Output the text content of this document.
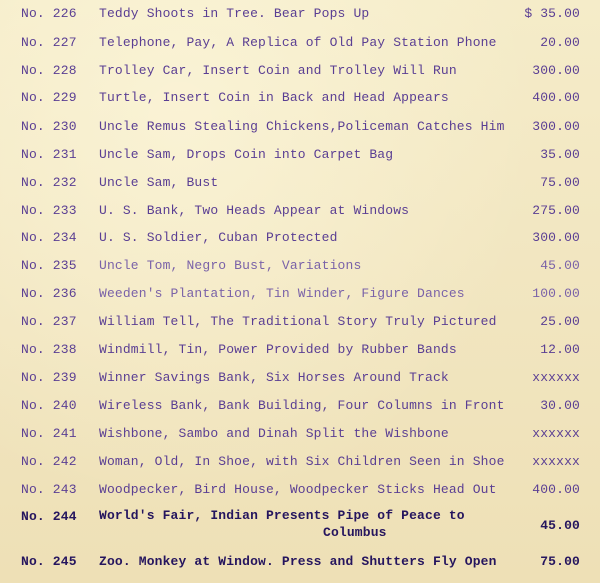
No. 226 Teddy Shoots in Tree. Bear Pops Up	$ 35.00
No. 227 Telephone, Pay, A Replica of Old Pay Station Phone	20.00
No. 228 Trolley Car, Insert Coin and Trolley Will Run	300.00
No. 229 Turtle, Insert Coin in Back and Head Appears	400.00
No. 230 Uncle Remus Stealing Chickens,Policeman Catches Him 300.00
No. 231 Uncle Sam, Drops Coin into Carpet Bag	35.00
No. 232 Uncle Sam, Bust	75.00
No. 233 U. S. Bank, Two Heads Appear at Windows	275.00
No. 234 U. S. Soldier, Cuban Protected	300.00
No. 235 Uncle Tom, Negro Bust, Variations	45.00
No. 236 Weeden's Plantation, Tin Winder, Figure Dances	100.00
No. 237 William Tell, The Traditional Story Truly Pictured	25.00
No. 238 Windmill, Tin, Power Provided by Rubber Bands	12.00
No. 239 Winner Savings Bank, Six Horses Around Track	xxxxxx
No. 240 Wireless Bank, Bank Building, Four Columns in Front	30.00
No. 241 Wishbone, Sambo and Dinah Split the Wishbone	xxxxxx
No. 242 Woman, Old, In Shoe, with Six Children Seen in Shoe xxxxxx
No. 243 Woodpecker, Bird House, Woodpecker Sticks Head Out	400.00
No. 244 World's Fair, Indian Presents Pipe of Peace to
Columbus	45.00
No. 245 Zoo. Monkey at Window. Press and Shutters Fly Open	75.00
